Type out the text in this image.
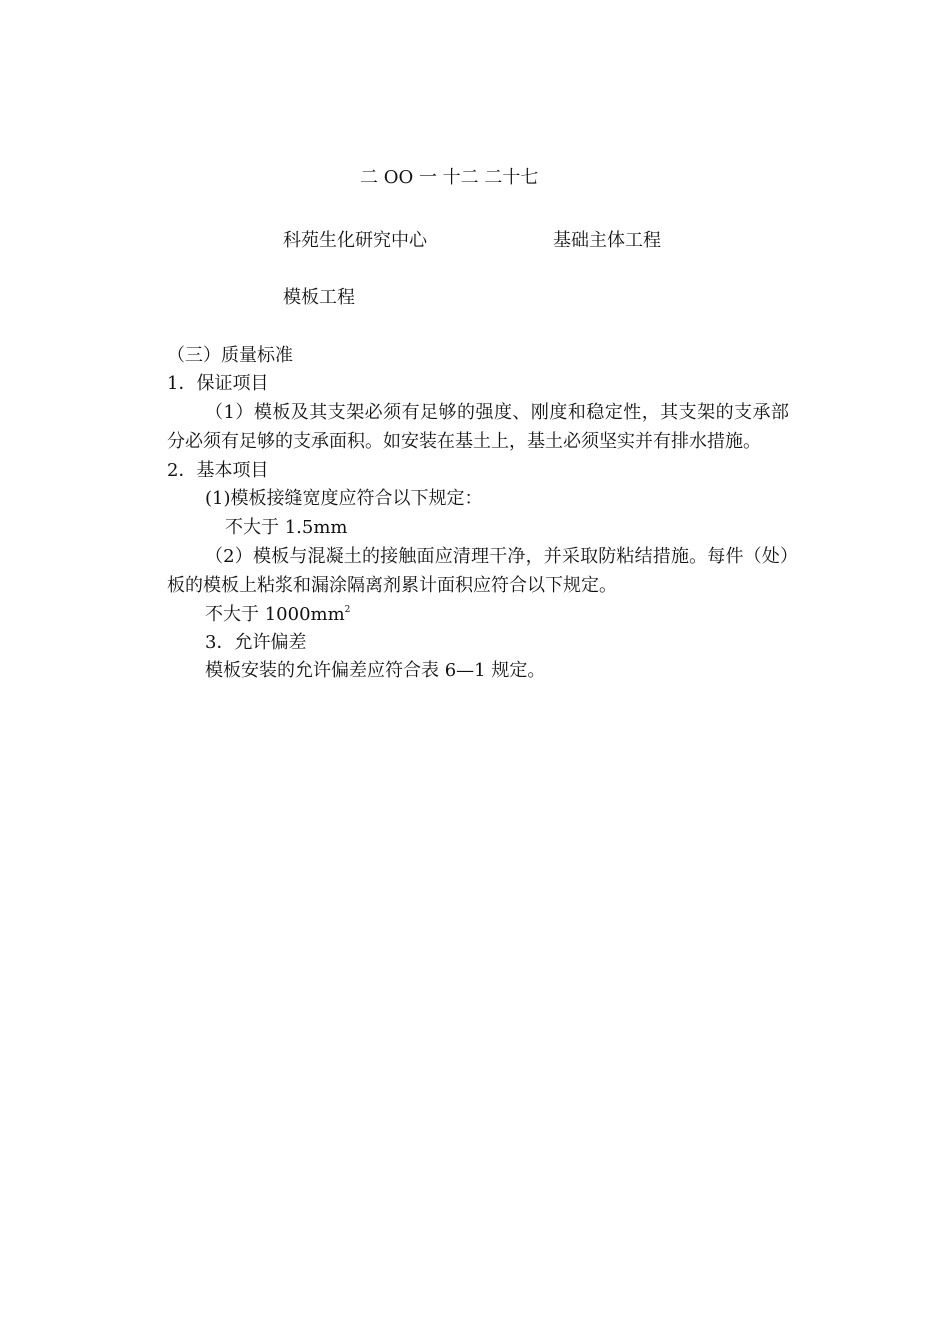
二 OO 一 十二 二十七
科苑生化研究中心	基础主体工程
模板工程
（三）质量标准
1．保证项目
（1）模板及其支架必须有足够的强度、刚度和稳定性，其支架的支承部分必须有足够的支承面积。如安装在基土上，基土必须坚实并有排水措施。
2．基本项目
(1)模板接缝宽度应符合以下规定：
不大于 1.5mm
（2）模板与混凝土的接触面应清理干净，并采取防粘结措施。每件（处）板的模板上粘浆和漏涂隔离剂累计面积应符合以下规定。
不大于 $1000mm^2$
3．允许偏差
模板安装的允许偏差应符合表 6—1 规定。
